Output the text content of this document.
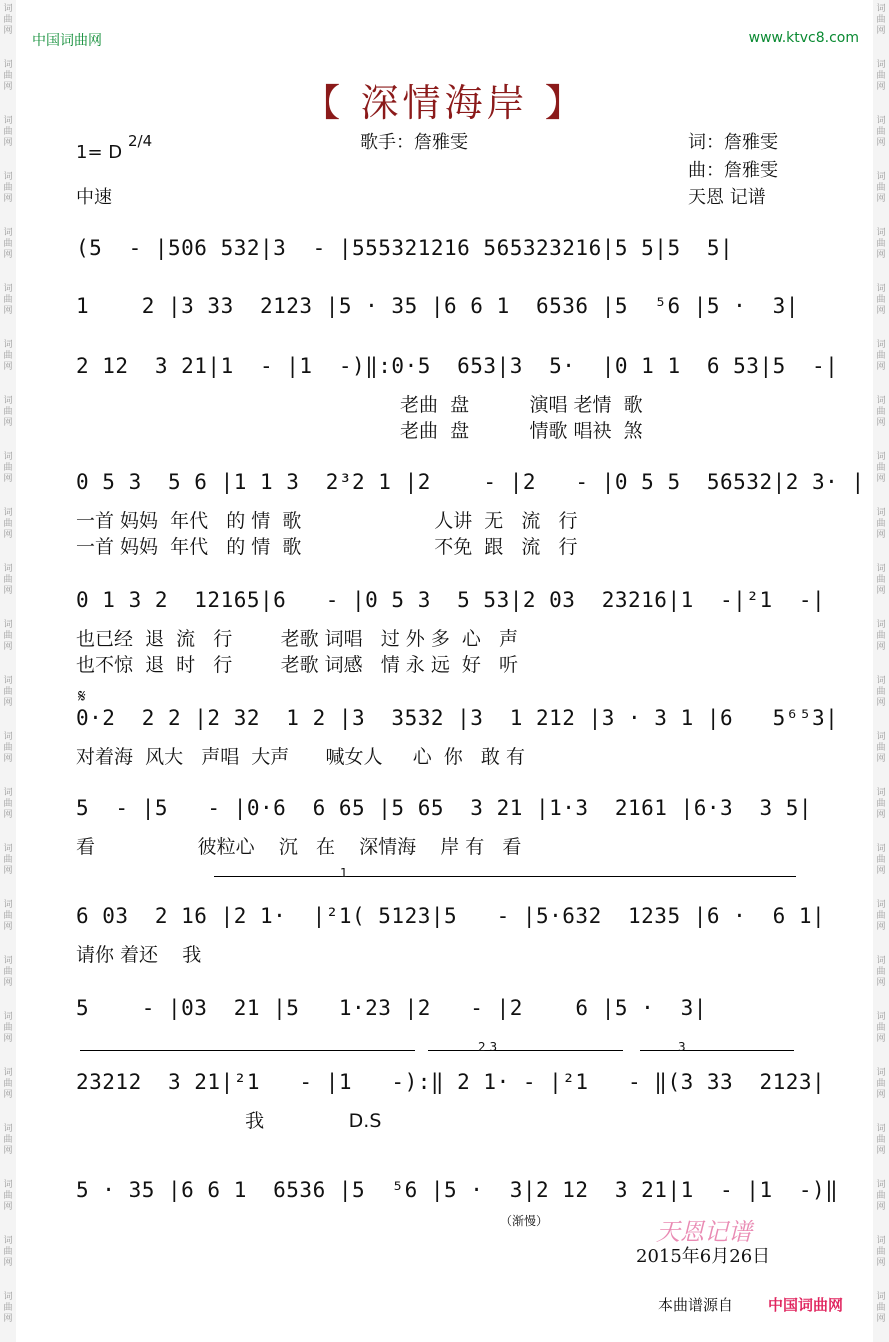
词
曲
网
词
曲
网
词
曲
网
词
曲
网
词
曲
网
词
曲
网
词
曲
网
词
曲
网
词
曲
网
词
曲
网
词
曲
网
词
曲
网
词
曲
网
词
曲
网
词
曲
网
词
曲
网
词
曲
网
词
曲
网
词
曲
网
词
曲
网
词
曲
网
词
曲
网
词
曲
网
词
曲
网
词
曲
网
词
曲
网
词
曲
网
词
曲
网
词
曲
网
词
曲
网
词
曲
网
词
曲
网
词
曲
网
词
曲
网
词
曲
网
词
曲
网
词
曲
网
词
曲
网
词
曲
网
词
曲
网
词
曲
网
词
曲
网
词
曲
网
词
曲
网
词
曲
网
词
曲
网
词
曲
网
词
曲
网
中国词曲网	www.ktvc8.com
【 深情海岸 】
歌手：詹雅雯	词：詹雅雯
曲：詹雅雯
天恩 记谱
1= D
2/4
中速
(5  - |506 532|3  - |555321216 565323216|5 5|5  5|
1    2 |3 33  2123 |5 · 35 |6 6 1  6536 |5  ⁵6 |5 ·  3|
2 12  3 21|1  - |1  -)‖:0·5  653|3  5·  |0 1 1  6 53|5  -|
老曲  盘          演唱 老情  歌
老曲  盘          情歌 唱袂  煞
0 5 3  5 6 |1 1 3  2³2 1 |2    - |2   - |0 5 5  56532|2 3· |
一首 妈妈  年代   的 情  歌                      人讲  无   流   行
一首 妈妈  年代   的 情  歌                      不免  跟   流   行
0 1 3 2  12165|6   - |0 5 3  5 53|2 03  23216|1  -|²1  -|
也已经  退  流   行        老歌 词唱   过 外 多  心   声
也不惊  退  时   行        老歌 词感   情 永 远  好   听
0·2  2 2 |2 32  1 2 |3  3532 |3  1 212 |3 · 3 1 |6   5⁶⁵3|
对着海  风大   声唱  大声      喊女人     心  你   敢 有
5  - |5   - |0·6  6 65 |5 65  3 21 |1·3  2161 |6·3  3 5|
看                 彼粒心    沉   在    深情海    岸 有   看
6 03  2 16 |2 1·  |²1( 5123|5   - |5·632  1235 |6 ·  6 1|
请你 着还    我
5    - |03  21 |5   1·23 |2   - |2    6 |5 ·  3|
23212  3 21|²1   - |1   -):‖ 2 1· - |²1   - ‖(3 33  2123|
我              D.S
5 · 35 |6 6 1  6536 |5  ⁵6 |5 ·  3|2 12  3 21|1  - |1  -)‖
1
2 3	3
𝄋
（渐慢）	天恩记谱
2015年6月26日
本曲谱源自 中国词曲网
